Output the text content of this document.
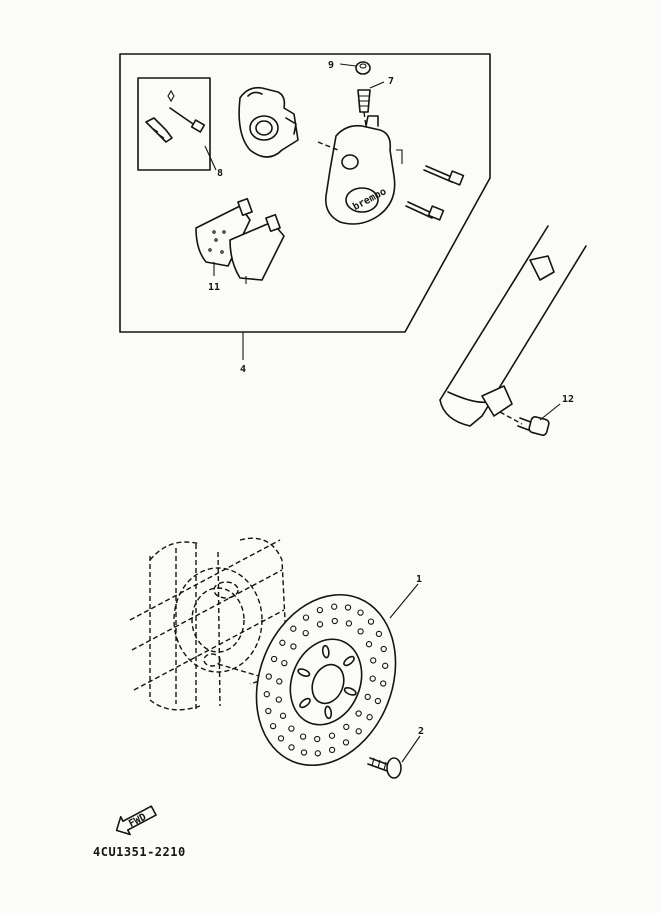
brembo
9
7
8
11
4
12
1
2
FWD
4CU1351-2210
